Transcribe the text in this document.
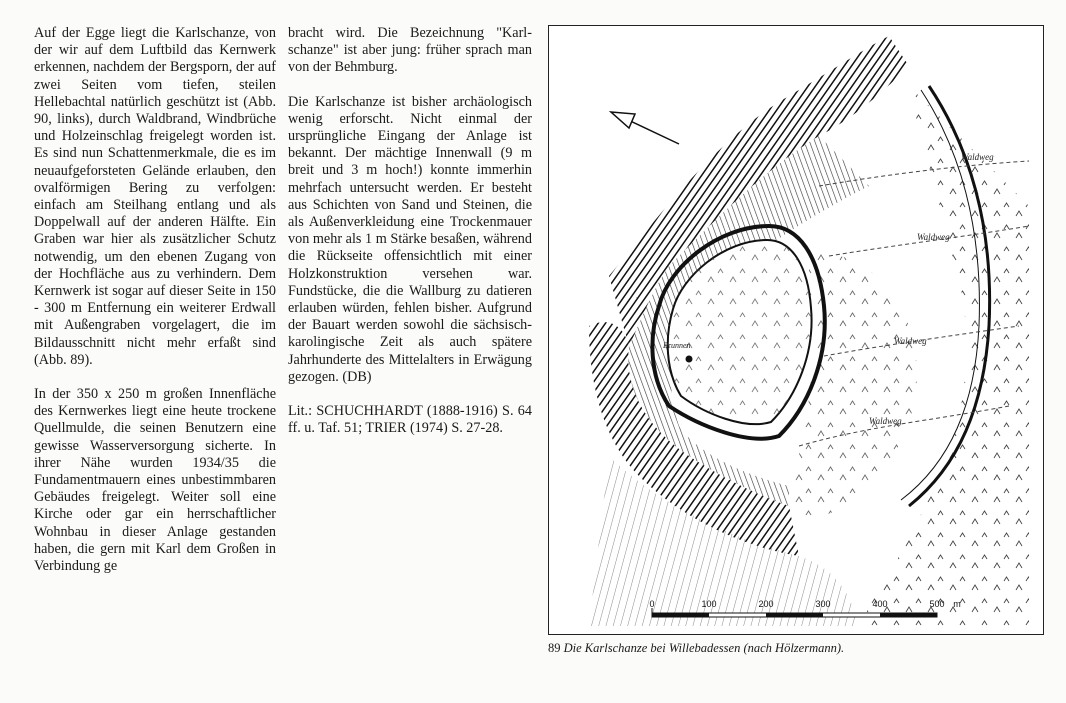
Auf der Egge liegt die Karlschanze, von der wir auf dem Luftbild das Kernwerk erkennen, nachdem der Bergsporn, der auf zwei Seiten vom tiefen, steilen Hellebachtal natürlich geschützt ist (Abb. 90, links), durch Waldbrand, Windbrüche und Holzeinschlag freigelegt worden ist. Es sind nun Schattenmerkmale, die es im neuaufgeforsteten Gelände erlauben, den ovalförmigen Bering zu verfolgen: einfach am Steilhang entlang und als Doppelwall auf der anderen Hälfte. Ein Graben war hier als zusätzlicher Schutz notwendig, um den ebenen Zugang von der Hochfläche aus zu verhindern. Dem Kernwerk ist sogar auf dieser Seite in 150 - 300 m Entfernung ein weiterer Erdwall mit Außengraben vorgelagert, die im Bildausschnitt nicht mehr erfaßt sind (Abb. 89).

In der 350 x 250 m großen Innenfläche des Kernwerkes liegt eine heute trockene Quellmulde, die seinen Benutzern eine gewisse Wasserversorgung sicherte. In ihrer Nähe wurden 1934/35 die Fundamentmauern eines unbestimmbaren Gebäudes freigelegt. Weiter soll eine Kirche oder gar ein herrschaftlicher Wohnbau in dieser Anlage gestanden haben, die gern mit Karl dem Großen in Verbindung ge

bracht wird. Die Bezeichnung "Karlschanze" ist aber jung: früher sprach man von der Behmburg.

Die Karlschanze ist bisher archäologisch wenig erforscht. Nicht einmal der ursprüngliche Eingang der Anlage ist bekannt. Der mächtige Innenwall (9 m breit und 3 m hoch!) konnte immerhin mehrfach untersucht werden. Er besteht aus Schichten von Sand und Steinen, die als Außenverkleidung eine Trockenmauer von mehr als 1 m Stärke besaßen, während die Rückseite offensichtlich mit einer Holzkonstruktion versehen war. Fundstücke, die die Wallburg zu datieren erlauben würden, fehlen bisher. Aufgrund der Bauart werden sowohl die sächsisch-karolingische Zeit als auch spätere Jahrhunderte des Mittelalters in Erwägung gezogen. (DB)

Lit.: SCHUCHHARDT (1888-1916) S. 64 ff. u. Taf. 51; TRIER (1974) S. 27-28.

Waldweg
Waldweg
Waldweg
Waldweg
Brunnen
0	100	200	300	400	500 m
89 Die Karlschanze bei Willebadessen (nach Hölzermann).
